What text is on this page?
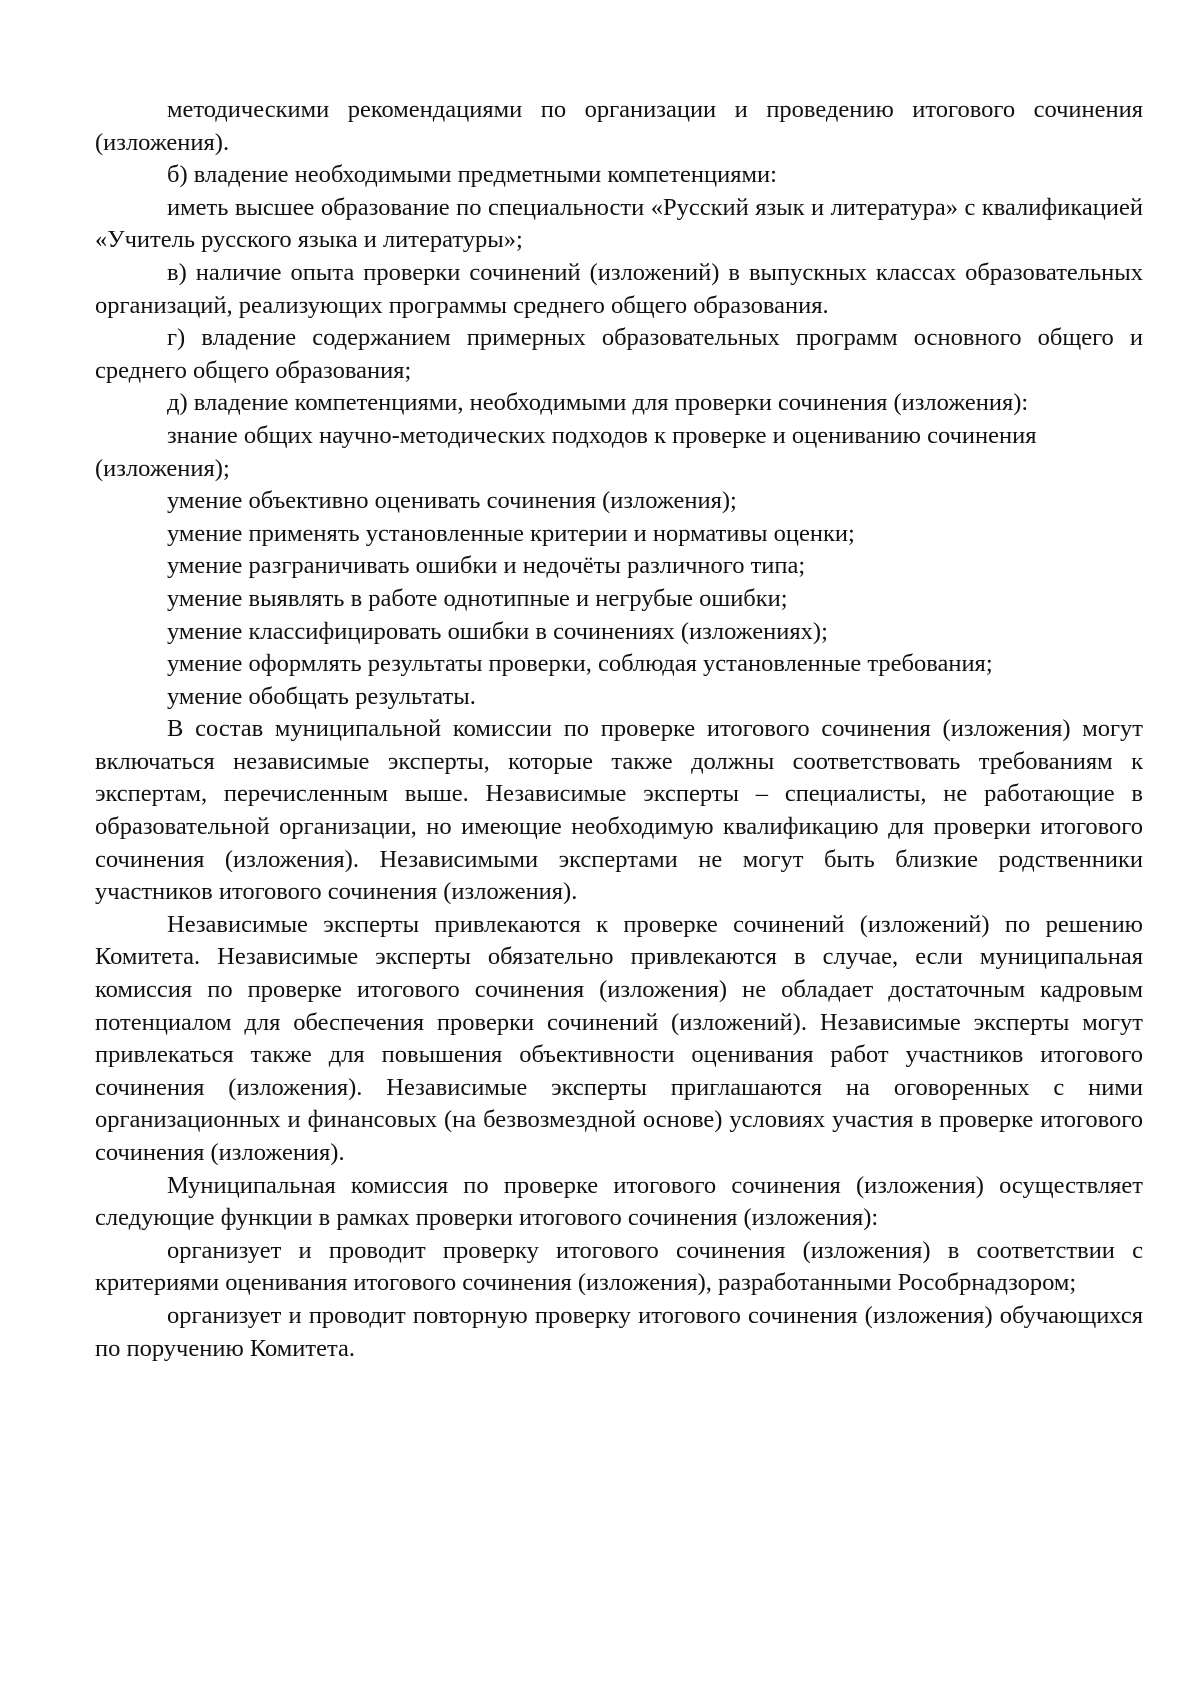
методическими рекомендациями по организации и проведению итогового сочинения (изложения).

б) владение необходимыми предметными компетенциями:

иметь высшее образование по специальности «Русский язык и литература» с квалификацией «Учитель русского языка и литературы»;

в) наличие опыта проверки сочинений (изложений) в выпускных классах образовательных организаций, реализующих программы среднего общего образования.

г) владение содержанием примерных образовательных программ основного общего и среднего общего образования;

д) владение компетенциями, необходимыми для проверки сочинения (изложения):

знание общих научно-методических подходов к проверке и оцениванию сочинения (изложения);

умение объективно оценивать сочинения (изложения);

умение применять установленные критерии и нормативы оценки;

умение разграничивать ошибки и недочёты различного типа;

умение выявлять в работе однотипные и негрубые ошибки;

умение классифицировать ошибки в сочинениях (изложениях);

умение оформлять результаты проверки, соблюдая установленные требования;

умение обобщать результаты.

В состав муниципальной комиссии по проверке итогового сочинения (изложения) могут включаться независимые эксперты, которые также должны соответствовать требованиям к экспертам, перечисленным выше. Независимые эксперты – специалисты, не работающие в образовательной организации, но имеющие необходимую квалификацию для проверки итогового сочинения (изложения). Независимыми экспертами не могут быть близкие родственники участников итогового сочинения (изложения).

Независимые эксперты привлекаются к проверке сочинений (изложений) по решению Комитета. Независимые эксперты обязательно привлекаются в случае, если муниципальная комиссия по проверке итогового сочинения (изложения) не обладает достаточным кадровым потенциалом для обеспечения проверки сочинений (изложений). Независимые эксперты могут привлекаться также для повышения объективности оценивания работ участников итогового сочинения (изложения). Независимые эксперты приглашаются на оговоренных с ними организационных и финансовых (на безвозмездной основе) условиях участия в проверке итогового сочинения (изложения).

Муниципальная комиссия по проверке итогового сочинения (изложения) осуществляет следующие функции в рамках проверки итогового сочинения (изложения):

организует и проводит проверку итогового сочинения (изложения) в соответствии с критериями оценивания итогового сочинения (изложения), разработанными Рособрнадзором;

организует и проводит повторную проверку итогового сочинения (изложения) обучающихся по поручению Комитета.
